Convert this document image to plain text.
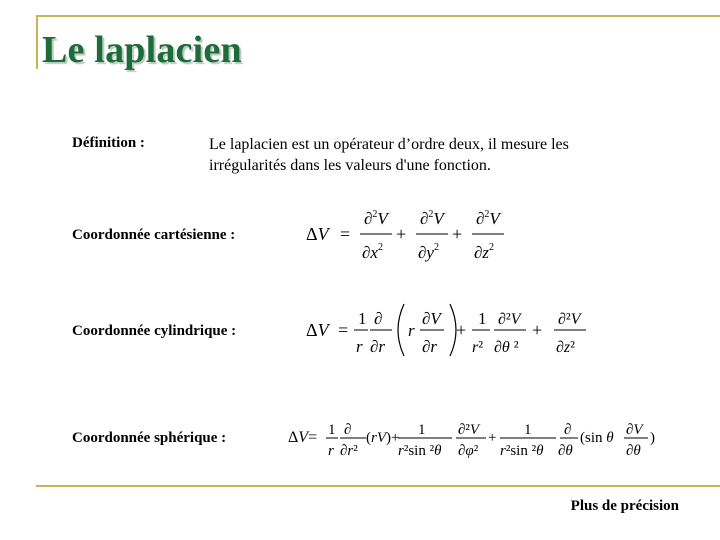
Le laplacien
Définition :	Le laplacien est un opérateur d’ordre deux, il mesure les irrégularités dans les valeurs d'une fonction.
Coordonnée cartésienne :	ΔV =
∂$^2$V
$\partial x^2$
+
∂$^2$V
$\partial y^2$
+
∂$^2$V
$\partial z^2$
Coordonnée cylindrique :	ΔV =
1
r
∂
∂r
r
∂V
∂r
+
1
r²
∂²V
∂θ ²
+
∂²V
∂z²
Coordonnée sphérique :	ΔV= 1
r
∂
∂r²
(rV)+ 1
r²sin ²θ
∂²V
∂φ²
+ 1
r²sin ²θ
∂
∂θ
(sin θ ∂V
∂θ
)
Plus de précision
